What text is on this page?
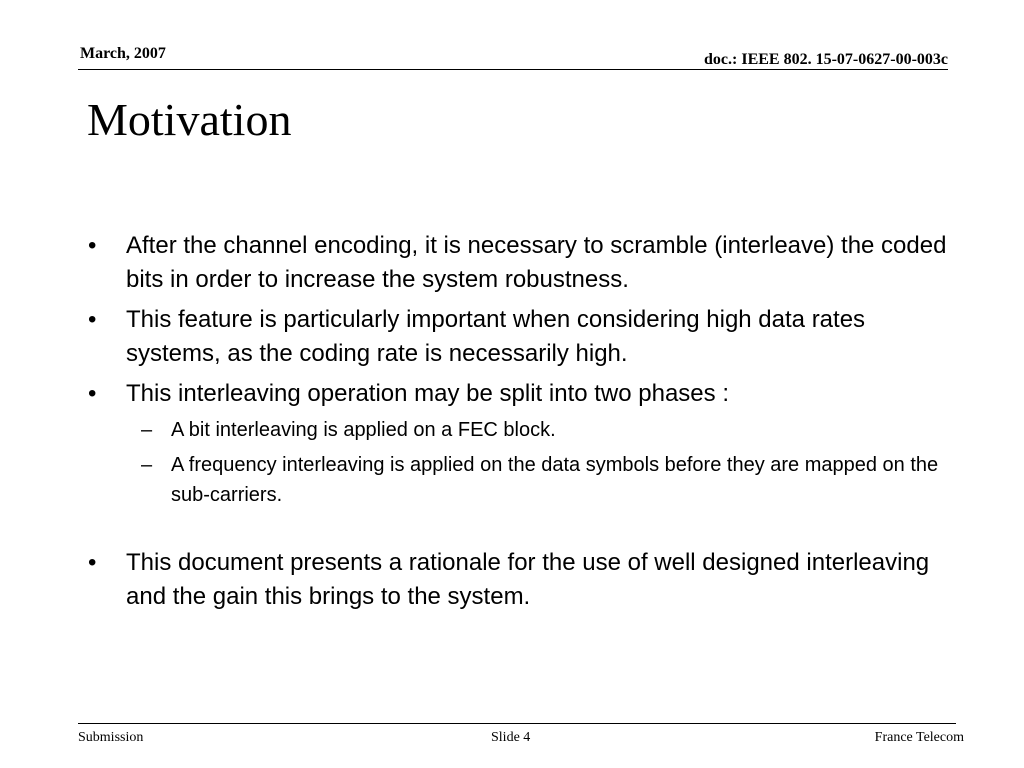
March, 2007	doc.: IEEE 802. 15-07-0627-00-003c
Motivation
• After the channel encoding, it is necessary to scramble (interleave) the coded bits in order to increase the system robustness.
• This feature is particularly important when considering high data rates systems, as the coding rate is necessarily high.
• This interleaving operation may be split into two phases :
– A bit interleaving is applied on a FEC block.
– A frequency interleaving is applied on the data symbols before they are mapped on the sub-carriers.
• This document presents a rationale for the use of well designed interleaving and the gain this brings to the system.
Submission	Slide 4	France Telecom
